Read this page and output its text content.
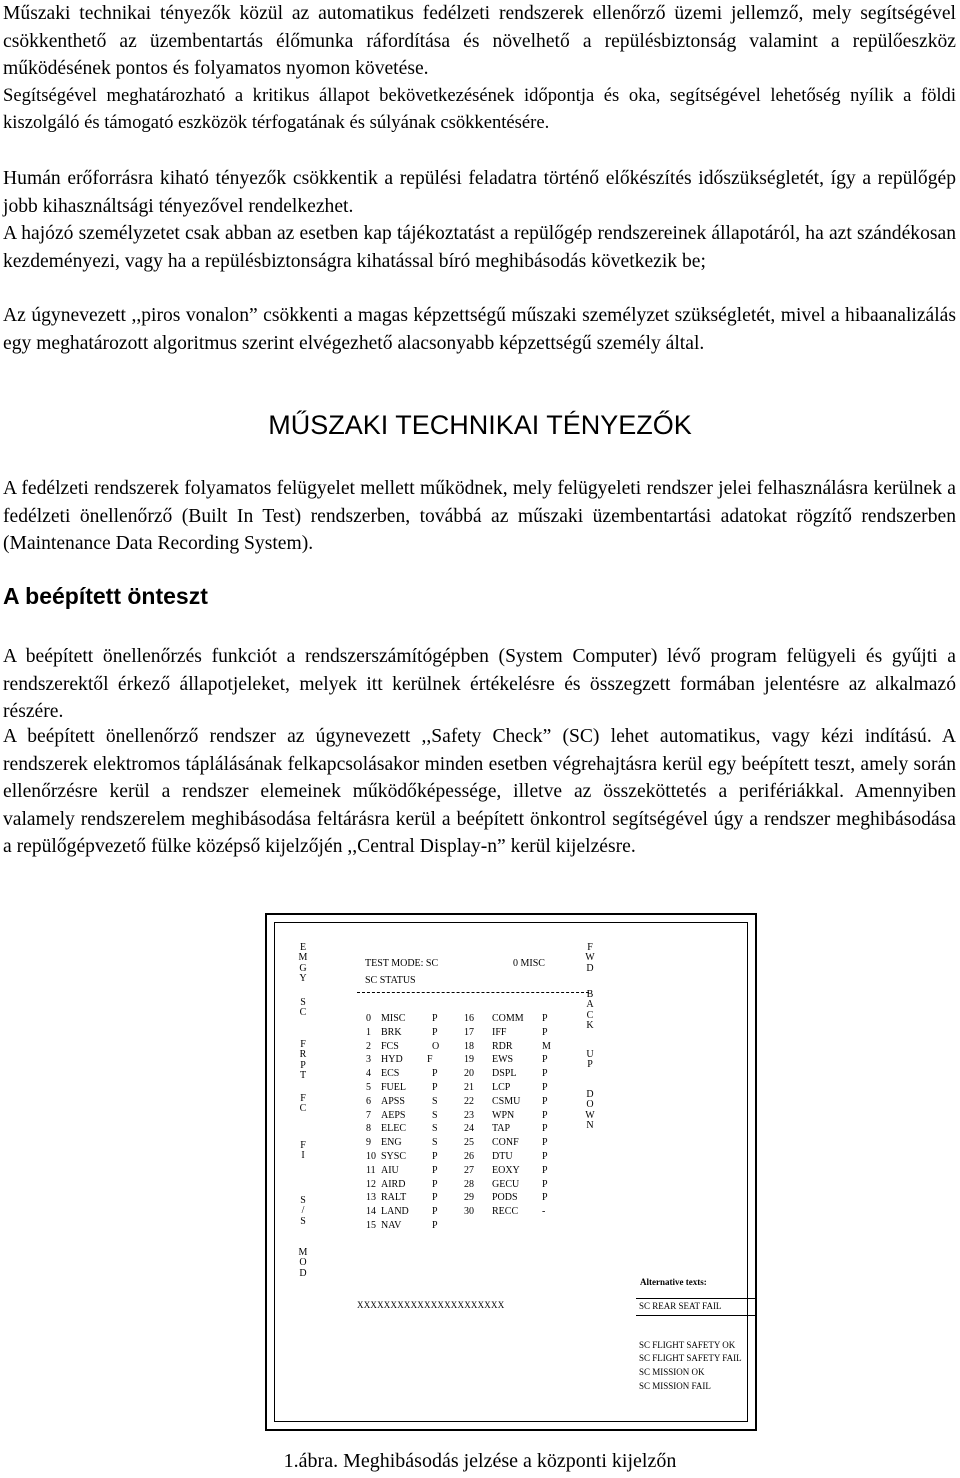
Műszaki technikai tényezők közül az automatikus fedélzeti rendszerek ellenőrző üzemi jellemző, mely segítségével csökkenthető az üzembentartás élőmunka ráfordítása és növelhető a repülésbiztonság valamint a repülőeszköz működésének pontos és folyamatos nyomon követése.

Segítségével meghatározható a kritikus állapot bekövetkezésének időpontja és oka, segítségével lehetőség nyílik a földi kiszolgáló és támogató eszközök térfogatának és súlyának csökkentésére.

Humán erőforrásra kiható tényezők csökkentik a repülési feladatra történő előkészítés időszükségletét, így a repülőgép jobb kihasználtsági tényezővel rendelkezhet.

A hajózó személyzetet csak abban az esetben kap tájékoztatást a repülőgép rendszereinek állapotáról, ha azt szándékosan kezdeményezi, vagy ha a repülésbiztonságra kihatással bíró meghibásodás következik be;

Az úgynevezett ,,piros vonalon” csökkenti a magas képzettségű műszaki személyzet szükségletét, mivel a hibaanalizálás egy meghatározott algoritmus szerint elvégezhető alacsonyabb képzettségű személy által.

MŰSZAKI TECHNIKAI TÉNYEZŐK

A fedélzeti rendszerek folyamatos felügyelet mellett működnek, mely felügyeleti rendszer jelei felhasználásra kerülnek a fedélzeti önellenőrző (Built In Test) rendszerben, továbbá az műszaki üzembentartási adatokat rögzítő rendszerben (Maintenance Data Recording System).

A beépített önteszt

A beépített önellenőrzés funkciót a rendszerszámítógépben (System Computer) lévő program felügyeli és gyűjti a rendszerektől érkező állapotjeleket, melyek itt kerülnek értékelésre és összegzett formában jelentésre az alkalmazó részére.

A beépített önellenőrző rendszer az úgynevezett ,,Safety Check” (SC) lehet automatikus, vagy kézi indítású. A rendszerek elektromos táplálásának felkapcsolásakor minden esetben végrehajtásra kerül egy beépített teszt, amely során ellenőrzésre kerül a rendszer elemeinek működőképessége, illetve az összeköttetés a perifériákkal. Amennyiben valamely rendszerelem meghibásodása feltárásra kerül a beépített önkontrol segítségével úgy a rendszer meghibásodása a repülőgépvezető fülke középső kijelzőjén ,,Central Display-n” kerül kijelzésre.

E
M
G
Y
S
C
F
R
P
T
F
C
F
I
S
/
S
M
O
D
F
W
D
B
A
C
K
U
P
D
O
W
N
TEST MODE: SC	0 MISC
SC STATUS
0 MISC	P	16 COMM P
1 BRK	P	17 IFF	P
2 FCS	O 18 RDR	M
3 HYD F	19 EWS	P
4 ECS	P	20 DSPL	P
5 FUEL	P	21 LCP	P
6 APSS	S	22 CSMU P
7 AEPS	S	23 WPN	P
8 ELEC	S	24 TAP	P
9 ENG	S	25 CONF P
10 SYSC	P	26 DTU	P
11 AIU	P	27 EOXY P
12 AIRD	P	28 GECU P
13 RALT	P	29 PODS P
14 LAND P	30 RECC -
15 NAV	P
XXXXXXXXXXXXXXXXXXXXXX
Alternative texts:
SC REAR SEAT FAIL
SC FLIGHT SAFETY OK
SC FLIGHT SAFETY FAIL
SC MISSION OK
SC MISSION FAIL
1.ábra. Meghibásodás jelzése a központi kijelzőn
